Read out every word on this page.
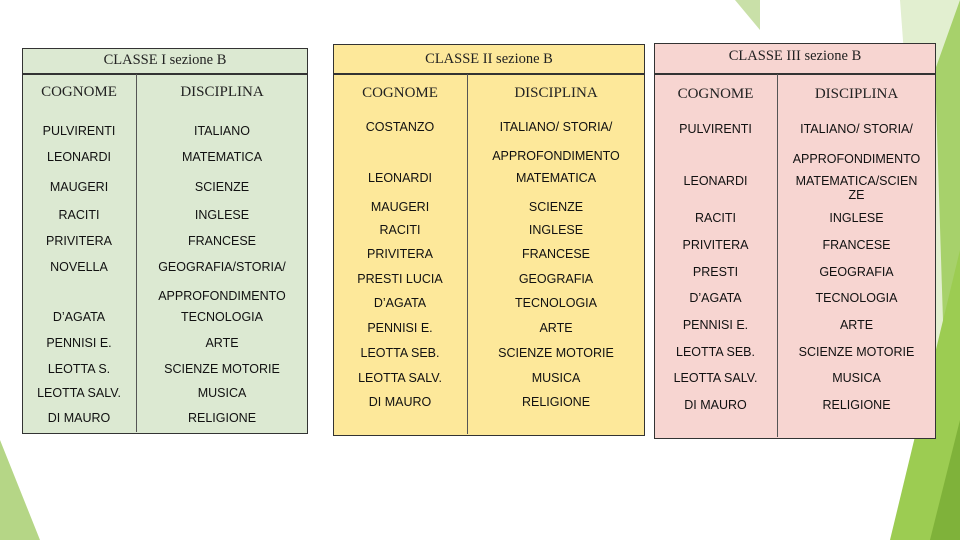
CLASSE I sezione B
COGNOME	DISCIPLINA
PULVIRENTI	ITALIANO
LEONARDI	MATEMATICA
MAUGERI	SCIENZE
RACITI	INGLESE
PRIVITERA	FRANCESE
NOVELLA	GEOGRAFIA/STORIA/
APPROFONDIMENTO
D’AGATA	TECNOLOGIA
PENNISI E.	ARTE
LEOTTA S.	SCIENZE MOTORIE
LEOTTA SALV.	MUSICA
DI MAURO	RELIGIONE
CLASSE II sezione B
COGNOME	DISCIPLINA
COSTANZO	ITALIANO/ STORIA/
APPROFONDIMENTO
LEONARDI	MATEMATICA
MAUGERI	SCIENZE
RACITI	INGLESE
PRIVITERA	FRANCESE
PRESTI LUCIA	GEOGRAFIA
D’AGATA	TECNOLOGIA
PENNISI E.	ARTE
LEOTTA SEB.	SCIENZE MOTORIE
LEOTTA SALV.	MUSICA
DI MAURO	RELIGIONE
CLASSE III sezione B
COGNOME	DISCIPLINA
PULVIRENTI	ITALIANO/ STORIA/
APPROFONDIMENTO
LEONARDI	MATEMATICA/SCIEN
ZE
RACITI	INGLESE
PRIVITERA	FRANCESE
PRESTI	GEOGRAFIA
D’AGATA	TECNOLOGIA
PENNISI E.	ARTE
LEOTTA SEB.	SCIENZE MOTORIE
LEOTTA SALV.	MUSICA
DI MAURO	RELIGIONE
